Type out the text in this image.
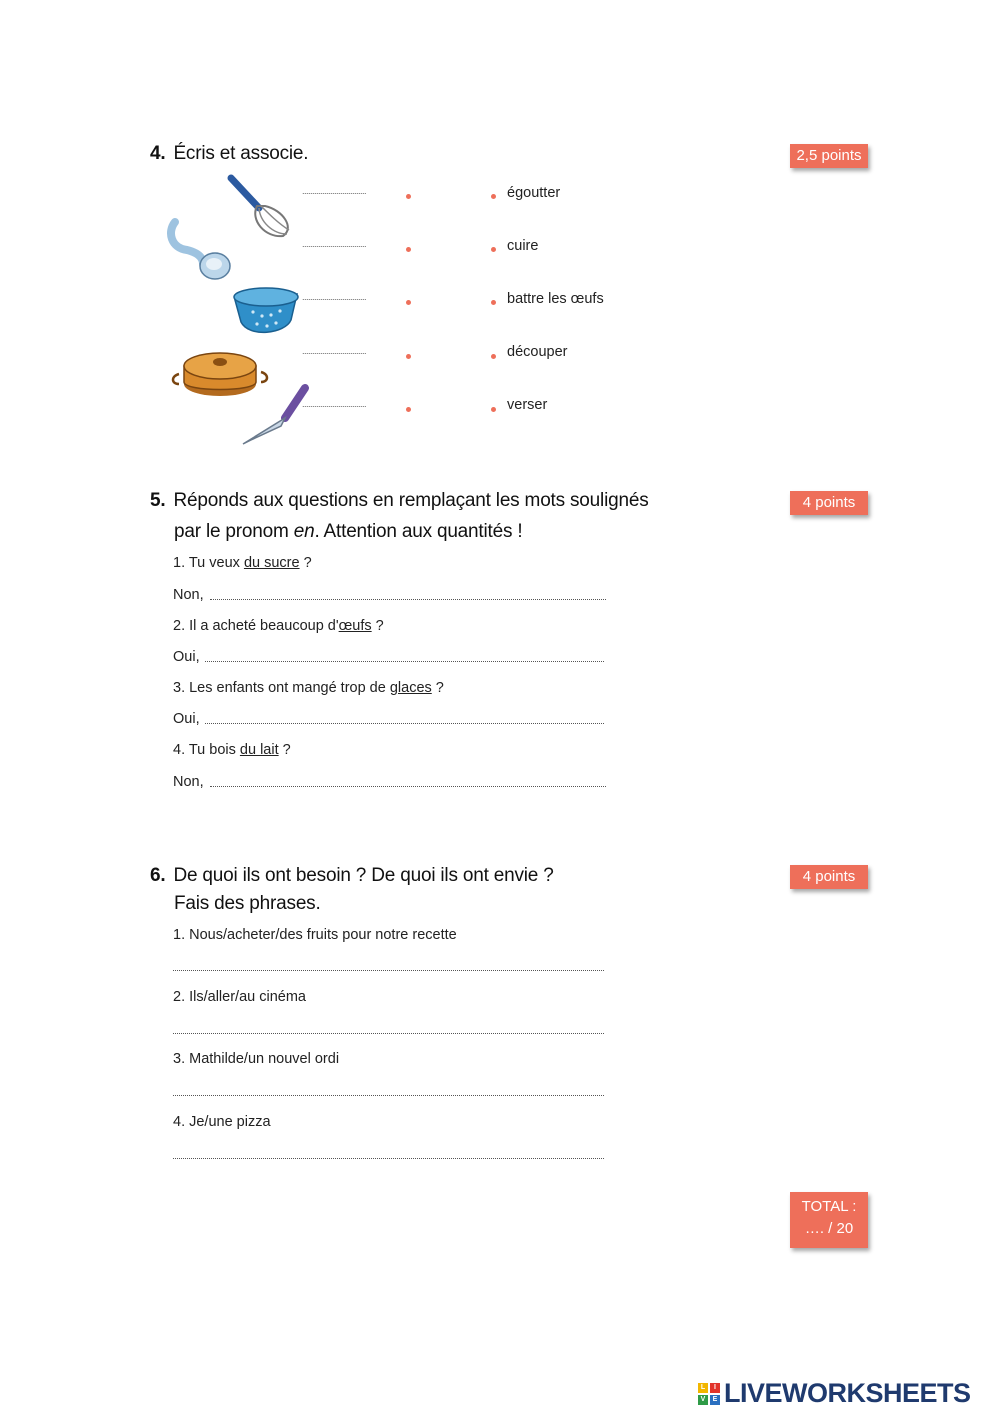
4. Écris et associe.	2,5 points
................................	égoutter
................................	cuire
................................	battre les œufs
................................	découper
................................	verser
5. Réponds aux questions en remplaçant les mots soulignés
par le pronom en. Attention aux quantités !
4 points
1. Tu veux du sucre ?
Non,
2. Il a acheté beaucoup d'œufs ?
Oui,
3. Les enfants ont mangé trop de glaces ?
Oui,
4. Tu bois du lait ?
Non,
6. De quoi ils ont besoin ? De quoi ils ont envie ?
Fais des phrases.
4 points
1. Nous/acheter/des fruits pour notre recette
2. Ils/aller/au cinéma
3. Mathilde/un nouvel ordi
4. Je/une pizza
TOTAL :
…. / 20
L	I
V	E LIVEWORKSHEETS
